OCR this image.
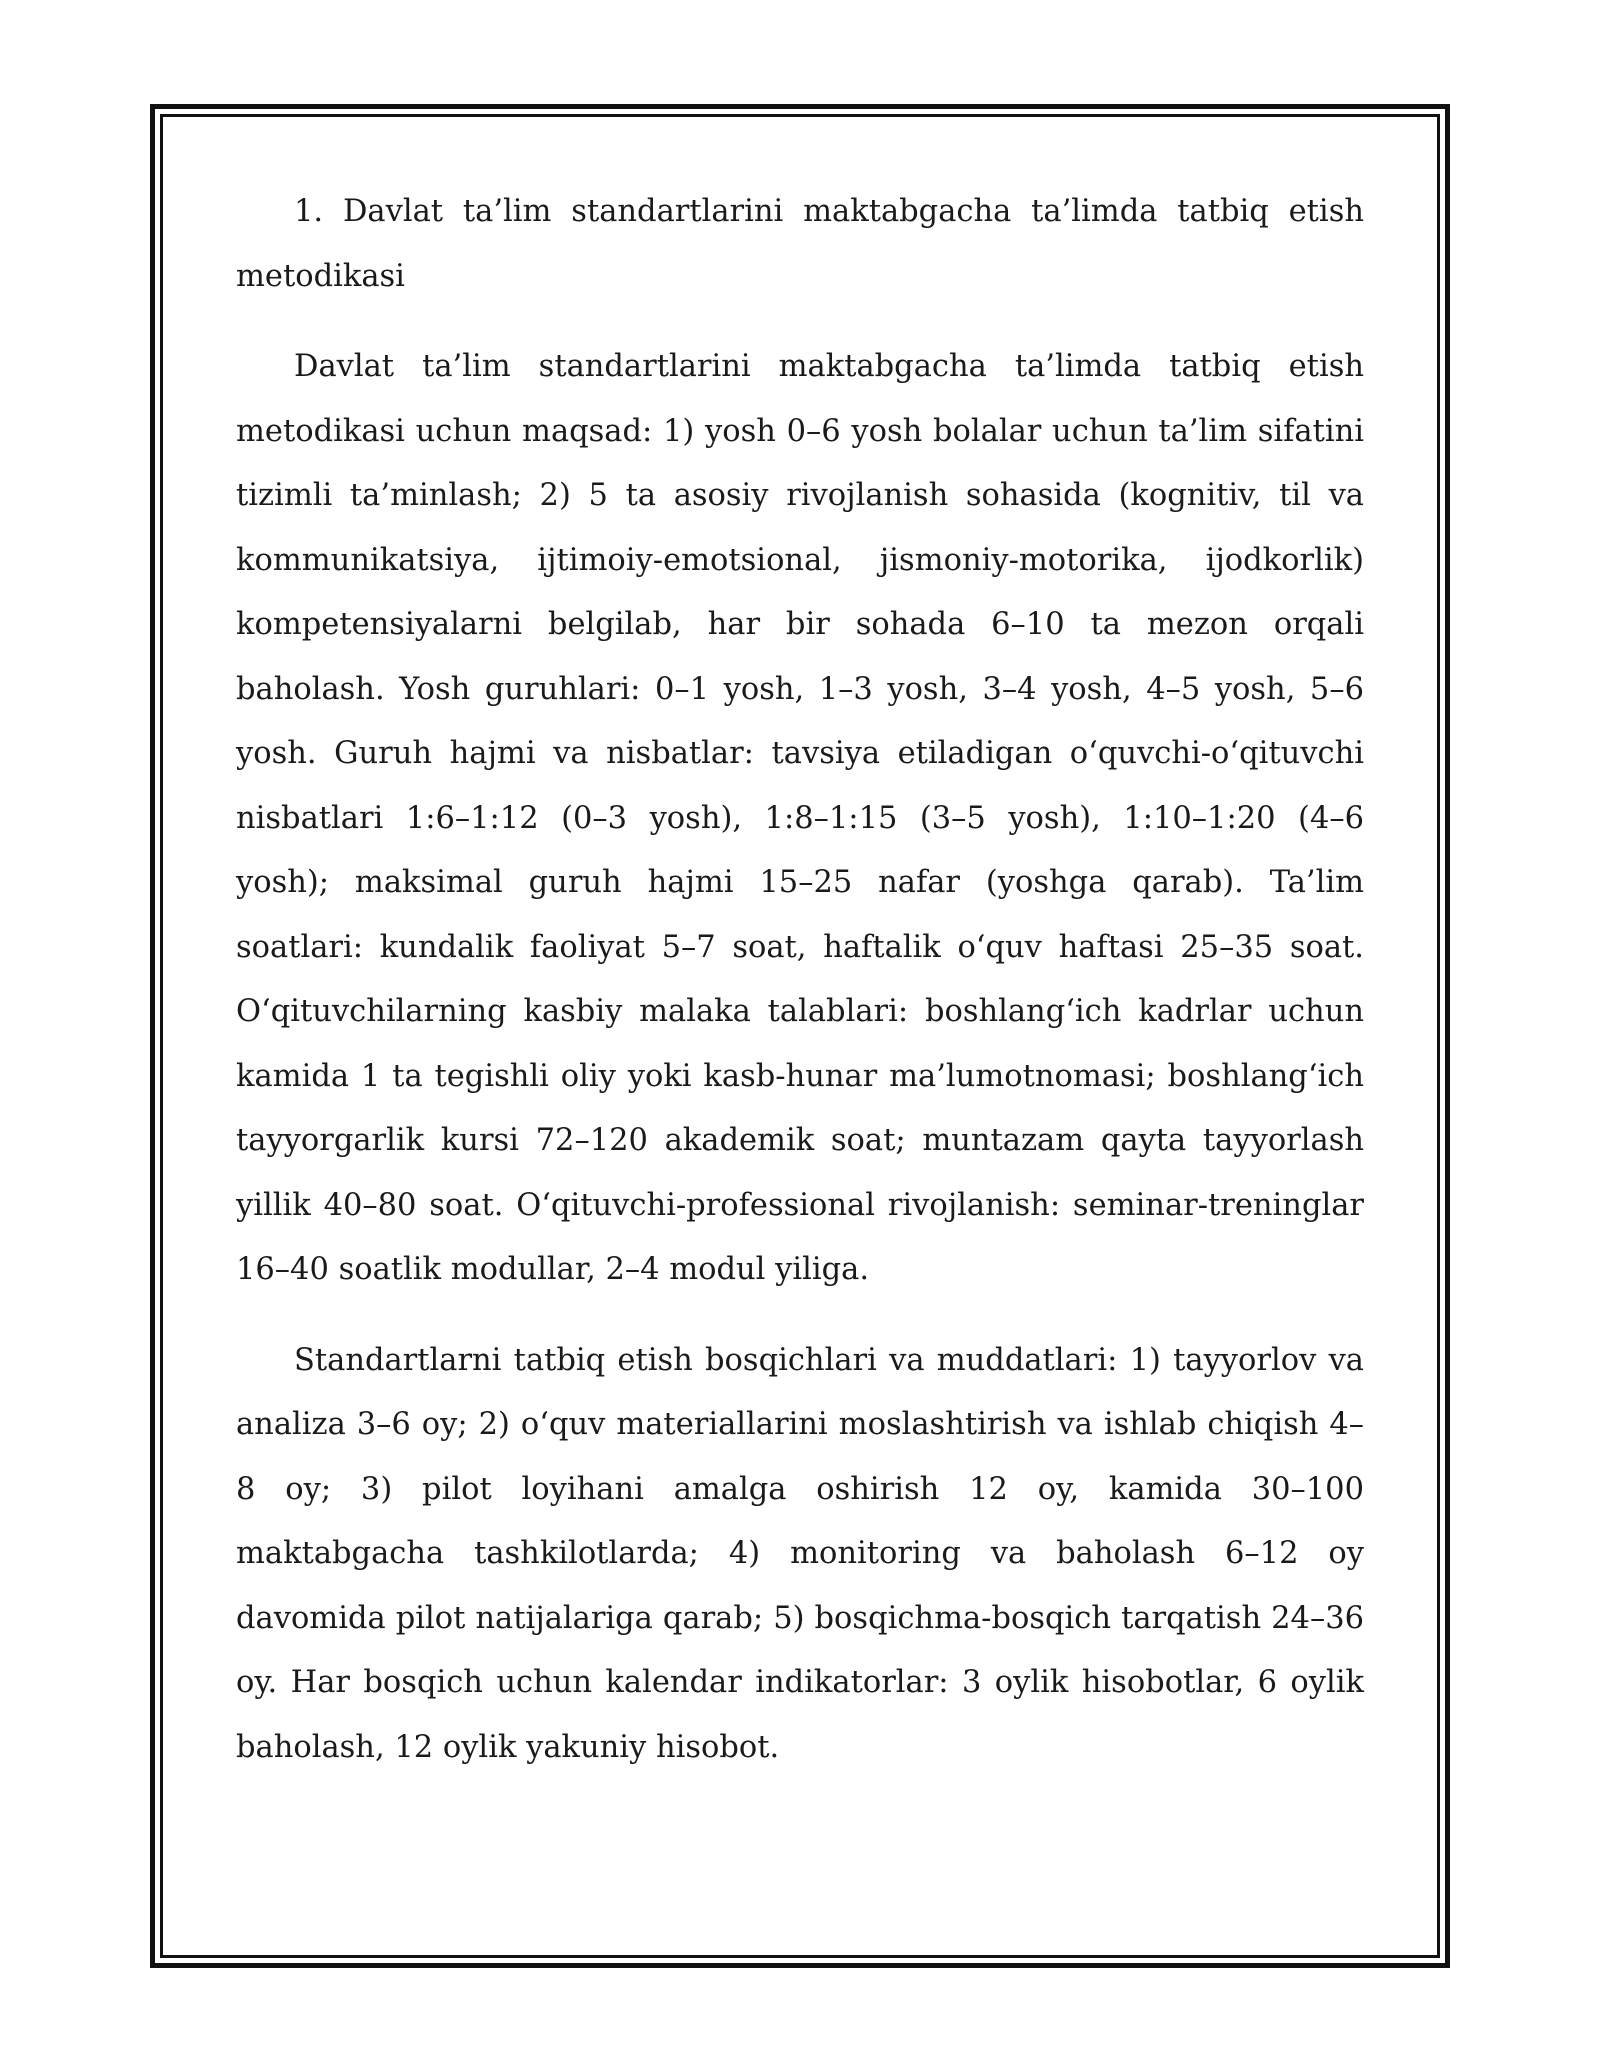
1. Davlat ta’lim standartlarini maktabgacha ta’limda tatbiq etish metodikasi

Davlat ta’lim standartlarini maktabgacha ta’limda tatbiq etish metodikasi uchun maqsad: 1) yosh 0–6 yosh bolalar uchun ta’lim sifatini tizimli ta’minlash; 2) 5 ta asosiy rivojlanish sohasida (kognitiv, til va kommunikatsiya, ijtimoiy-emotsional, jismoniy-motorika, ijodkorlik) kompetensiyalarni belgilab, har bir sohada 6–10 ta mezon orqali baholash. Yosh guruhlari: 0–1 yosh, 1–3 yosh, 3–4 yosh, 4–5 yosh, 5–6 yosh. Guruh hajmi va nisbatlar: tavsiya etiladigan o‘quvchi-o‘qituvchi nisbatlari 1:6–1:12 (0–3 yosh), 1:8–1:15 (3–5 yosh), 1:10–1:20 (4–6 yosh); maksimal guruh hajmi 15–25 nafar (yoshga qarab). Ta’lim soatlari: kundalik faoliyat 5–7 soat, haftalik o‘quv haftasi 25–35 soat. O‘qituvchilarning kasbiy malaka talablari: boshlang‘ich kadrlar uchun kamida 1 ta tegishli oliy yoki kasb-hunar ma’lumotnomasi; boshlang‘ich tayyorgarlik kursi 72–120 akademik soat; muntazam qayta tayyorlash yillik 40–80 soat. O‘qituvchi-professional rivojlanish: seminar-treninglar 16–40 soatlik modullar, 2–4 modul yiliga.

Standartlarni tatbiq etish bosqichlari va muddatlari: 1) tayyorlov va analiza 3–6 oy; 2) o‘quv materiallarini moslashtirish va ishlab chiqish 4–8 oy; 3) pilot loyihani amalga oshirish 12 oy, kamida 30–100 maktabgacha tashkilotlarda; 4) monitoring va baholash 6–12 oy davomida pilot natijalariga qarab; 5) bosqichma-bosqich tarqatish 24–36 oy. Har bosqich uchun kalendar indikatorlar: 3 oylik hisobotlar, 6 oylik baholash, 12 oylik yakuniy hisobot.
